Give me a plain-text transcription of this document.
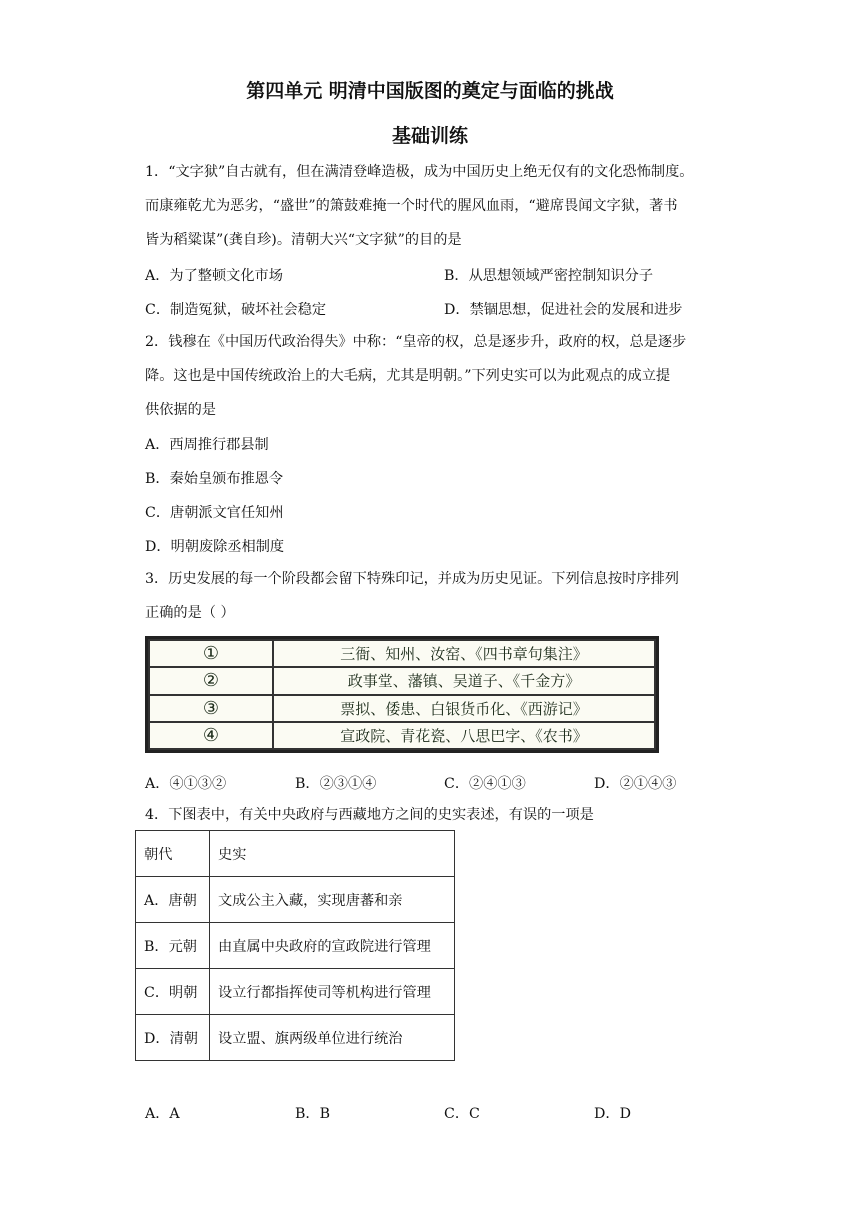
第四单元 明清中国版图的奠定与面临的挑战
基础训练
1．“文字狱”自古就有，但在满清登峰造极，成为中国历史上绝无仅有的文化恐怖制度。
而康雍乾尤为恶劣，“盛世”的箫鼓难掩一个时代的腥风血雨，“避席畏闻文字狱，著书
皆为稻粱谋”(龚自珍)。清朝大兴“文字狱”的目的是
A．为了整顿文化市场	B．从思想领域严密控制知识分子
C．制造冤狱，破坏社会稳定	D．禁锢思想，促进社会的发展和进步
2．钱穆在《中国历代政治得失》中称：“皇帝的权，总是逐步升，政府的权，总是逐步
降。这也是中国传统政治上的大毛病，尤其是明朝。”下列史实可以为此观点的成立提
供依据的是
A．西周推行郡县制
B．秦始皇颁布推恩令
C．唐朝派文官任知州
D．明朝废除丞相制度
3．历史发展的每一个阶段都会留下特殊印记，并成为历史见证。下列信息按时序排列
正确的是（ ）
①	三衙、知州、汝窑、《四书章句集注》
②	政事堂、藩镇、吴道子、《千金方》
③	票拟、倭患、白银货币化、《西游记》
④	宣政院、青花瓷、八思巴字、《农书》
A．④①③②	B．②③①④	C．②④①③	D．②①④③
4．下图表中，有关中央政府与西藏地方之间的史实表述，有误的一项是
朝代	史实
A．唐朝	文成公主入藏，实现唐蕃和亲
B．元朝	由直属中央政府的宣政院进行管理
C．明朝	设立行都指挥使司等机构进行管理
D．清朝	设立盟、旗两级单位进行统治
A．A	B．B	C．C	D．D
